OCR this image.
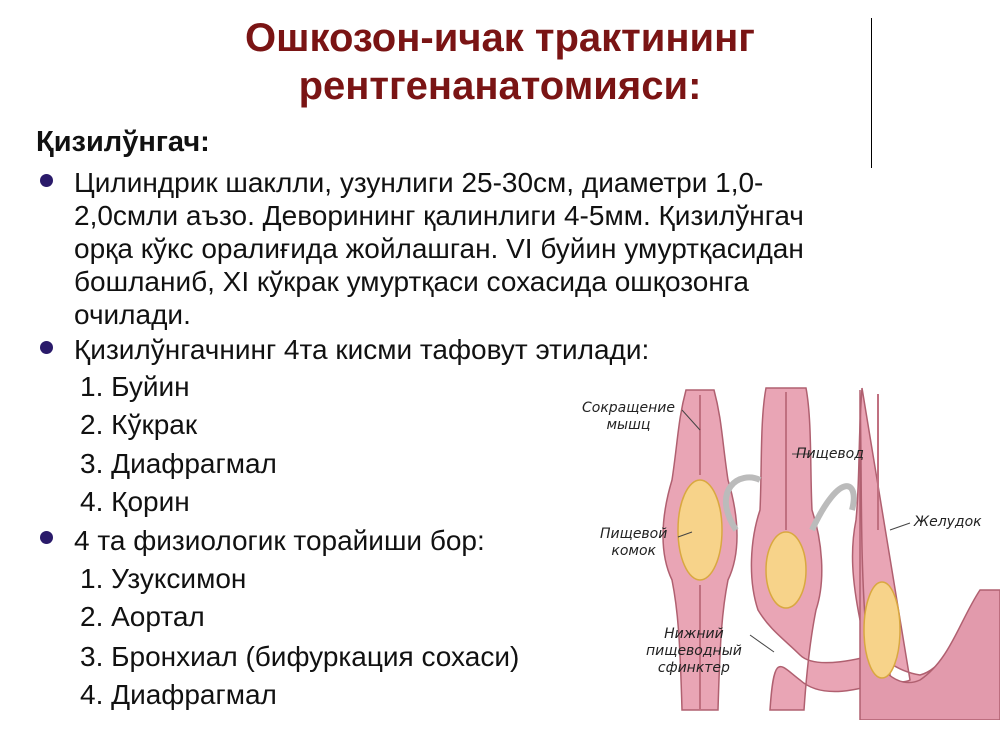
Ошкозон-ичак трактининг
рентгенанатомияси:
Қизилўнгач:
Цилиндрик шаклли, узунлиги 25-30см, диаметри 1,0-
2,0смли аъзо. Деворининг қалинлиги 4-5мм. Қизилўнгач
орқа кўкс оралиғида жойлашган. VI буйин умуртқасидан
бошланиб, XI кўкрак умуртқаси сохасида ошқозонга
очилади.
Қизилўнгачнинг 4та кисми тафовут этилади:
1. Буйин
2. Кўкрак
3. Диафрагмал
4. Қорин
4 та физиологик торайиши бор:
1. Узуксимон
2. Аортал
3. Бронхиал (бифуркация сохаси)
4. Диафрагмал
Сокращение
мышц
Пищевод
Желудок
Пищевой
комок
Нижний
пищеводный
сфинктер
